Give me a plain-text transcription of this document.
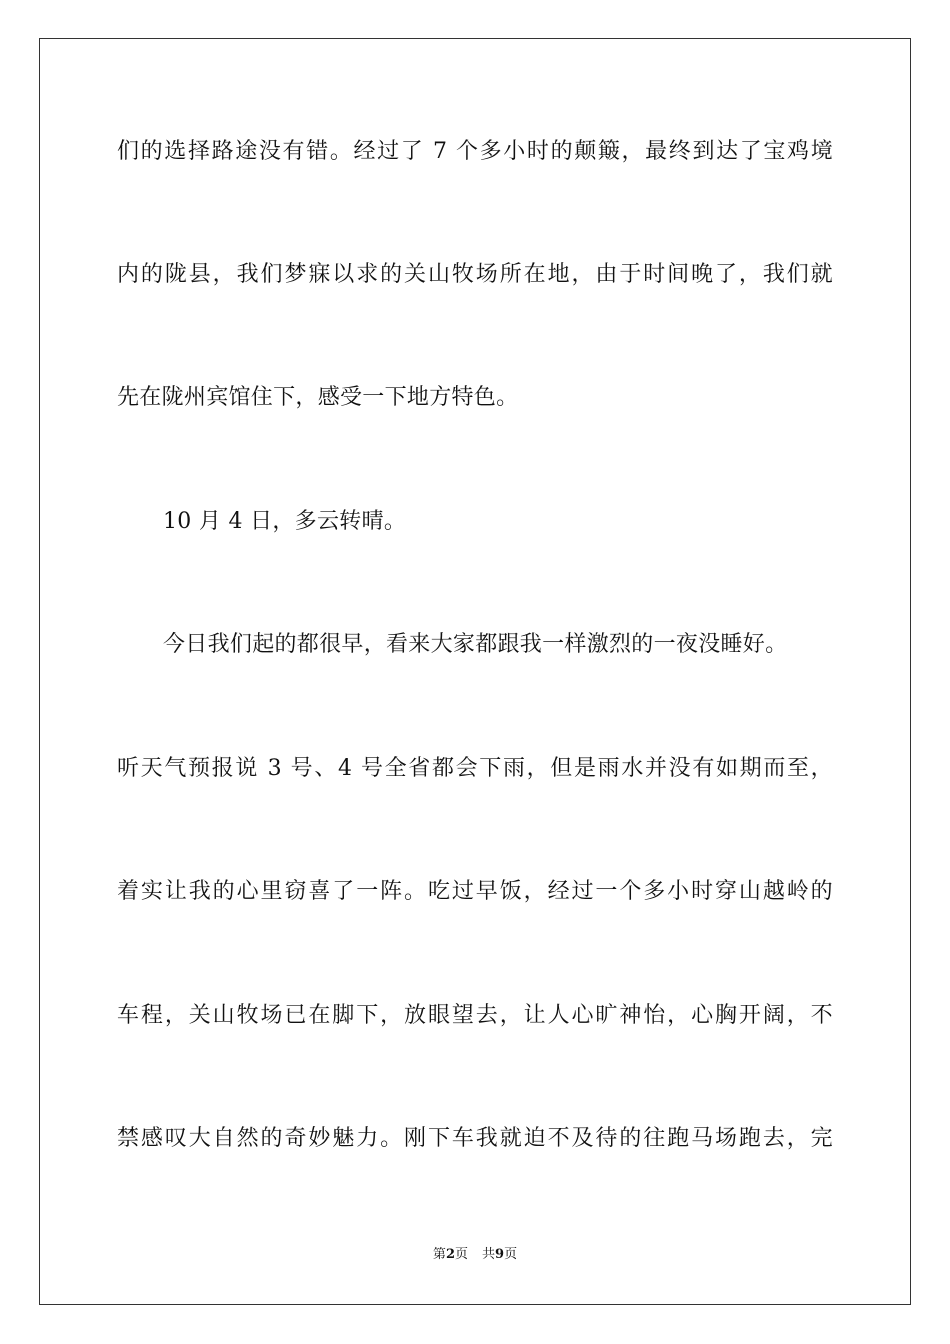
们的选择路途没有错。经过了 7 个多小时的颠簸，最终到达了宝鸡境
内的陇县，我们梦寐以求的关山牧场所在地，由于时间晚了，我们就
先在陇州宾馆住下，感受一下地方特色。
10 月 4 日，多云转晴。
今日我们起的都很早，看来大家都跟我一样激烈的一夜没睡好。
听天气预报说 3 号、4 号全省都会下雨，但是雨水并没有如期而至，
着实让我的心里窃喜了一阵。吃过早饭，经过一个多小时穿山越岭的
车程，关山牧场已在脚下，放眼望去，让人心旷神怡，心胸开阔，不
禁感叹大自然的奇妙魅力。刚下车我就迫不及待的往跑马场跑去，完
第2页 共9页
